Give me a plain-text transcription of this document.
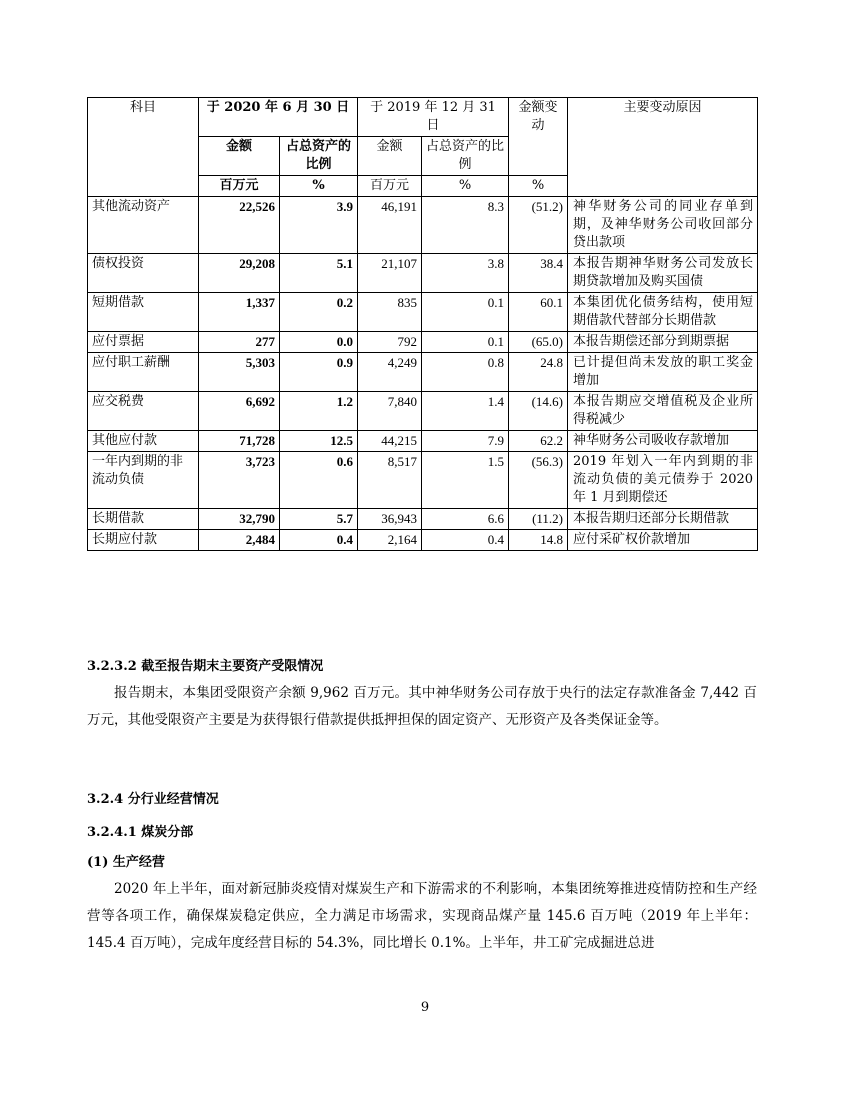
科目	于 2020 年 6 月 30 日		于 2019 年 12 月 31 日		金额变动	主要变动原因
	金额	占总资产的比例	金额	占总资产的比例		
	百万元	%	百万元	%	%	
其他流动资产	22,526	3.9	46,191	8.3	(51.2)	神华财务公司的同业存单到期，及神华财务公司收回部分贷出款项
债权投资	29,208	5.1	21,107	3.8	38.4	本报告期神华财务公司发放长期贷款增加及购买国债
短期借款	1,337	0.2	835	0.1	60.1	本集团优化债务结构，使用短期借款代替部分长期借款
应付票据	277	0.0	792	0.1	(65.0)	本报告期偿还部分到期票据
应付职工薪酬	5,303	0.9	4,249	0.8	24.8	已计提但尚未发放的职工奖金增加
应交税费	6,692	1.2	7,840	1.4	(14.6)	本报告期应交增值税及企业所得税减少
其他应付款	71,728	12.5	44,215	7.9	62.2	神华财务公司吸收存款增加
一年内到期的非流动负债	3,723	0.6	8,517	1.5	(56.3)	2019 年划入一年内到期的非流动负债的美元债券于 2020 年 1 月到期偿还
长期借款	32,790	5.7	36,943	6.6	(11.2)	本报告期归还部分长期借款
长期应付款	2,484	0.4	2,164	0.4	14.8	应付采矿权价款增加
3.2.3.2 截至报告期末主要资产受限情况

报告期末，本集团受限资产余额 9,962 百万元。其中神华财务公司存放于央行的法定存款准备金 7,442 百万元，其他受限资产主要是为获得银行借款提供抵押担保的固定资产、无形资产及各类保证金等。

3.2.4 分行业经营情况
3.2.4.1 煤炭分部
(1) 生产经营

2020 年上半年，面对新冠肺炎疫情对煤炭生产和下游需求的不利影响，本集团统筹推进疫情防控和生产经营等各项工作，确保煤炭稳定供应，全力满足市场需求，实现商品煤产量 145.6 百万吨（2019 年上半年：145.4 百万吨），完成年度经营目标的 54.3%，同比增长 0.1%。上半年，井工矿完成掘进总进

9
